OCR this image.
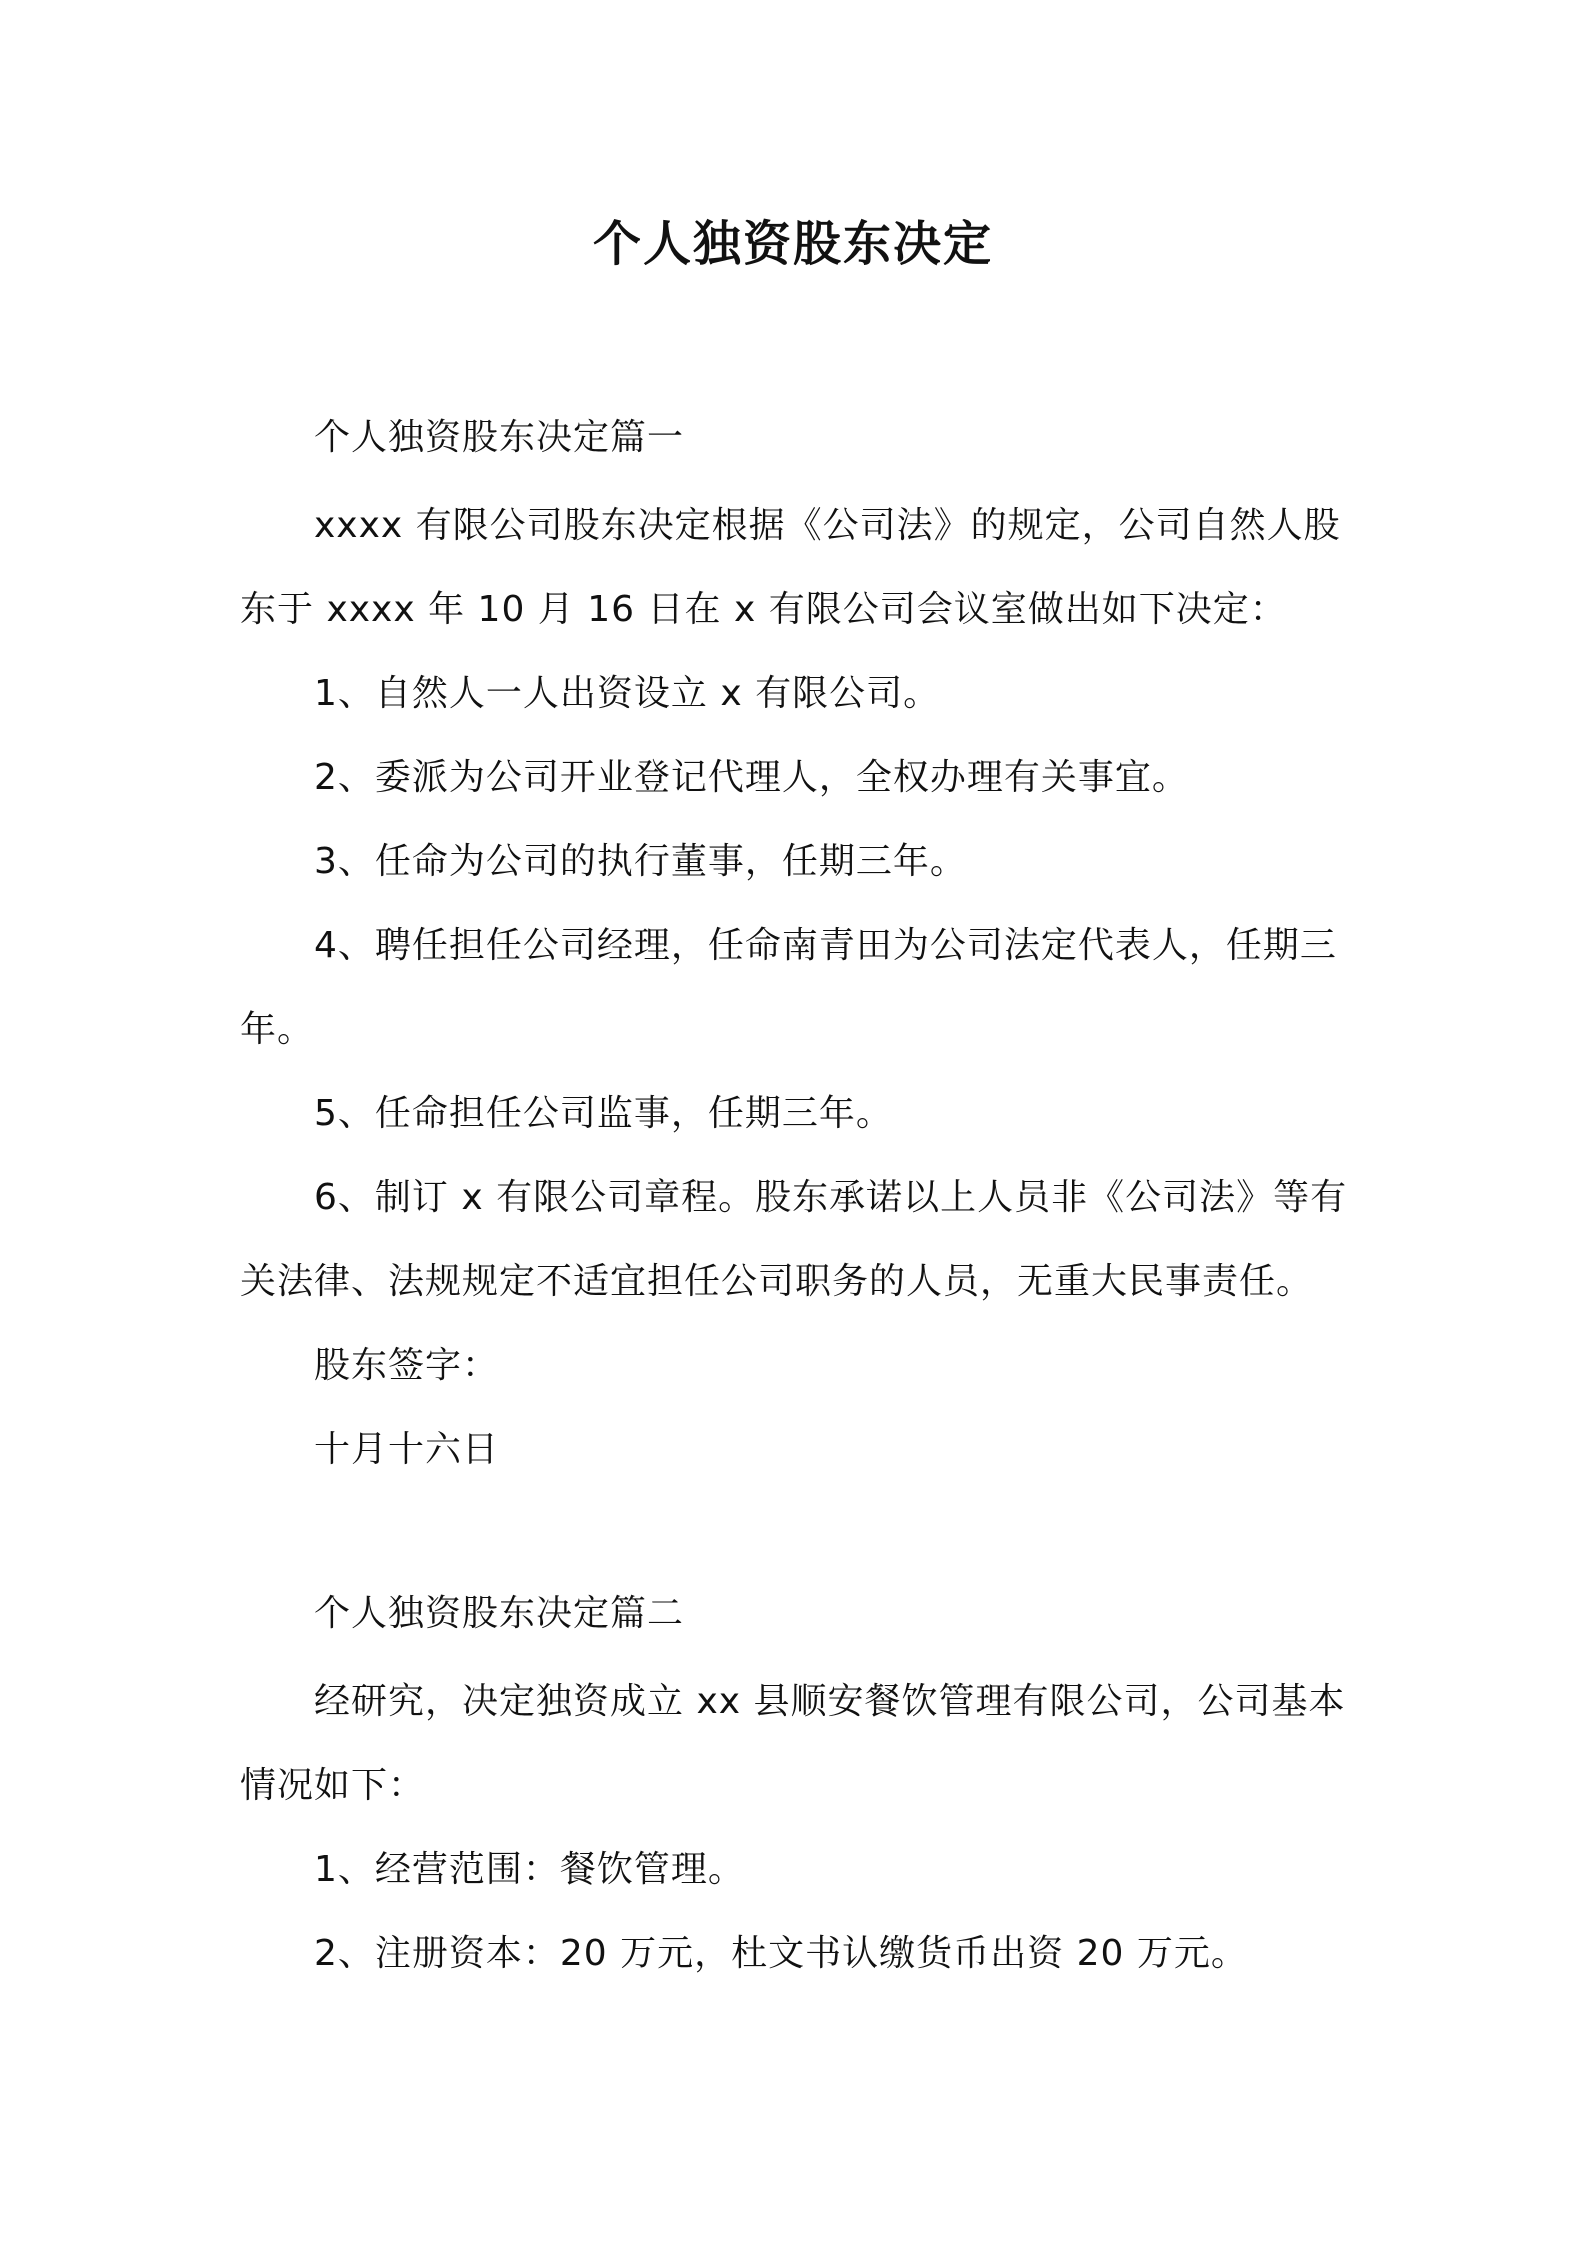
个人独资股东决定
个人独资股东决定篇一
xxxx 有限公司股东决定根据《公司法》的规定，公司自然人股东于 xxxx 年 10 月 16 日在 x 有限公司会议室做出如下决定：
1、自然人一人出资设立 x 有限公司。
2、委派为公司开业登记代理人，全权办理有关事宜。
3、任命为公司的执行董事，任期三年。
4、聘任担任公司经理，任命南青田为公司法定代表人，任期三年。
5、任命担任公司监事，任期三年。
6、制订 x 有限公司章程。股东承诺以上人员非《公司法》等有关法律、法规规定不适宜担任公司职务的人员，无重大民事责任。
股东签字：
十月十六日
个人独资股东决定篇二
经研究，决定独资成立 xx 县顺安餐饮管理有限公司，公司基本情况如下：
1、经营范围：餐饮管理。
2、注册资本：20 万元，杜文书认缴货币出资 20 万元。
